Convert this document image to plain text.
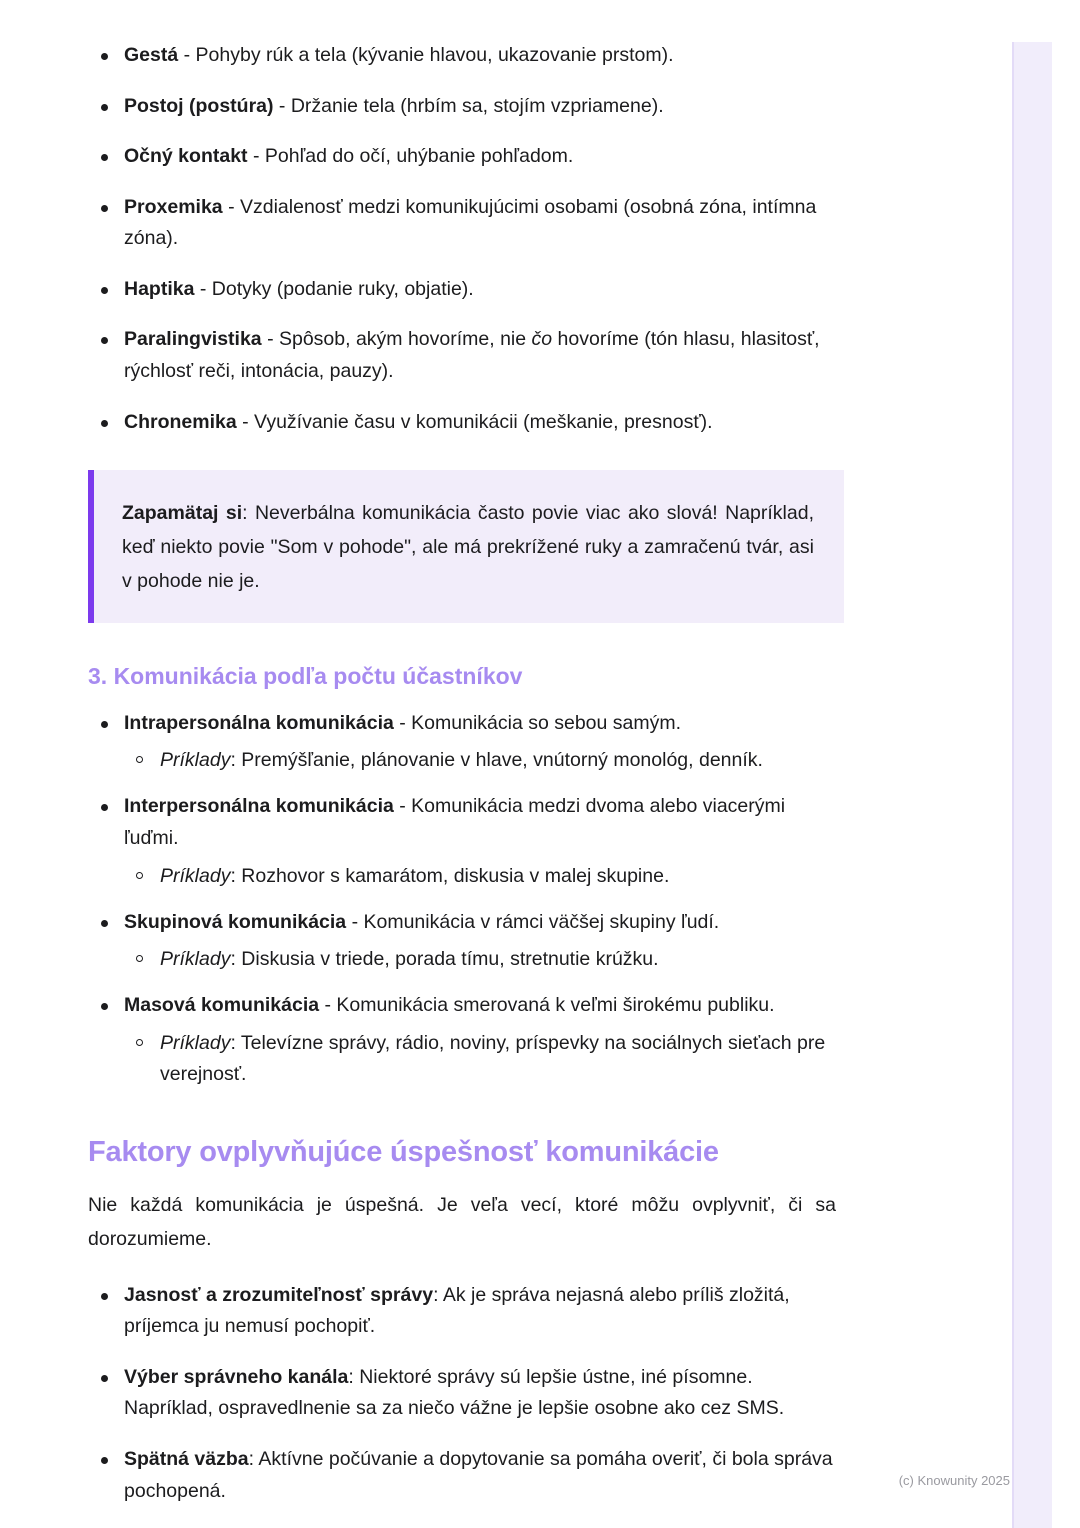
Gestá - Pohyby rúk a tela (kývanie hlavou, ukazovanie prstom).
Postoj (postúra) - Držanie tela (hrbím sa, stojím vzpriamene).
Očný kontakt - Pohľad do očí, uhýbanie pohľadom.
Proxemika - Vzdialenosť medzi komunikujúcimi osobami (osobná zóna, intímna zóna).
Haptika - Dotyky (podanie ruky, objatie).
Paralingvistika - Spôsob, akým hovoríme, nie čo hovoríme (tón hlasu, hlasitosť, rýchlosť reči, intonácia, pauzy).
Chronemika - Využívanie času v komunikácii (meškanie, presnosť).
Zapamätaj si: Neverbálna komunikácia často povie viac ako slová! Napríklad, keď niekto povie "Som v pohode", ale má prekrížené ruky a zamračenú tvár, asi v pohode nie je.
3. Komunikácia podľa počtu účastníkov
Intrapersonálna komunikácia - Komunikácia so sebou samým.
Príklady: Premýšľanie, plánovanie v hlave, vnútorný monológ, denník.
Interpersonálna komunikácia - Komunikácia medzi dvoma alebo viacerými ľuďmi.
Príklady: Rozhovor s kamarátom, diskusia v malej skupine.
Skupinová komunikácia - Komunikácia v rámci väčšej skupiny ľudí.
Príklady: Diskusia v triede, porada tímu, stretnutie krúžku.
Masová komunikácia - Komunikácia smerovaná k veľmi širokému publiku.
Príklady: Televízne správy, rádio, noviny, príspevky na sociálnych sieťach pre verejnosť.
Faktory ovplyvňujúce úspešnosť komunikácie

Nie každá komunikácia je úspešná. Je veľa vecí, ktoré môžu ovplyvniť, či sa dorozumieme.

Jasnosť a zrozumiteľnosť správy: Ak je správa nejasná alebo príliš zložitá, príjemca ju nemusí pochopiť.
Výber správneho kanála: Niektoré správy sú lepšie ústne, iné písomne. Napríklad, ospravedlnenie sa za niečo vážne je lepšie osobne ako cez SMS.
Spätná väzba: Aktívne počúvanie a dopytovanie sa pomáha overiť, či bola správa pochopená.	(c) Knowunity 2025
